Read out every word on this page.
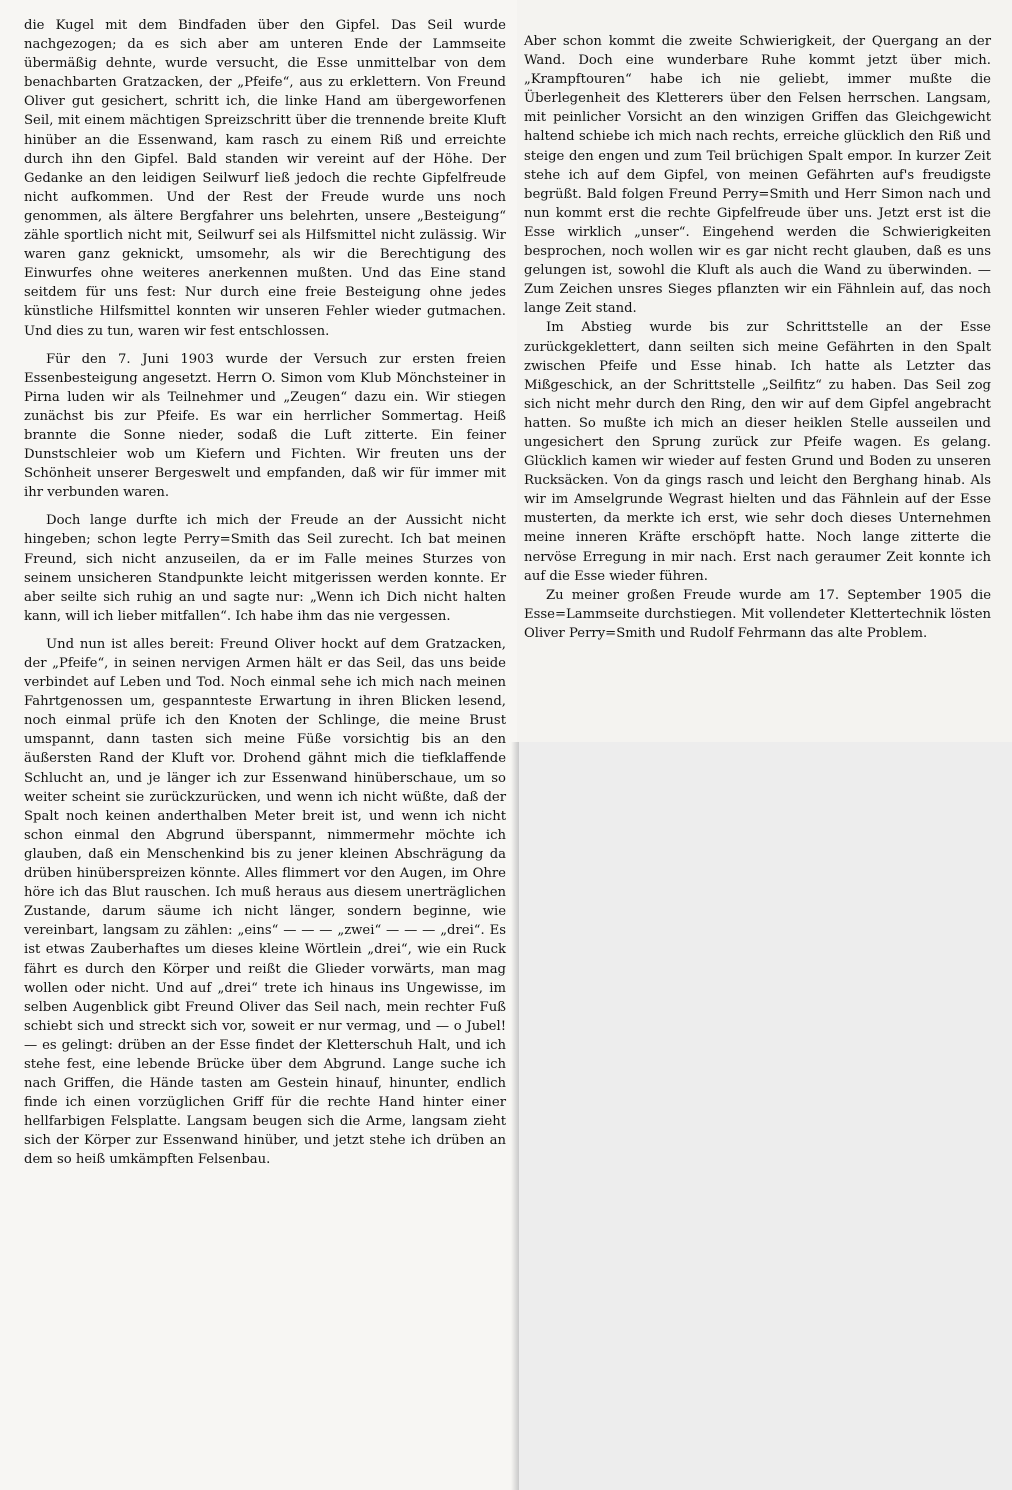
die Kugel mit dem Bindfaden über den Gipfel. Das Seil wurde nachgezogen; da es sich aber am unteren Ende der Lammseite übermäßig dehnte, wurde versucht, die Esse unmittelbar von dem benachbarten Gratzacken, der „Pfeife“, aus zu erklettern. Von Freund Oliver gut gesichert, schritt ich, die linke Hand am übergeworfenen Seil, mit einem mächtigen Spreizschritt über die trennende breite Kluft hinüber an die Essenwand, kam rasch zu einem Riß und erreichte durch ihn den Gipfel. Bald standen wir vereint auf der Höhe. Der Gedanke an den leidigen Seilwurf ließ jedoch die rechte Gipfelfreude nicht aufkommen. Und der Rest der Freude wurde uns noch genommen, als ältere Bergfahrer uns belehrten, unsere „Besteigung“ zähle sportlich nicht mit, Seilwurf sei als Hilfsmittel nicht zulässig. Wir waren ganz geknickt, umsomehr, als wir die Berechtigung des Einwurfes ohne weiteres anerkennen mußten. Und das Eine stand seitdem für uns fest: Nur durch eine freie Besteigung ohne jedes künstliche Hilfsmittel konnten wir unseren Fehler wieder gutmachen. Und dies zu tun, waren wir fest entschlossen.

Für den 7. Juni 1903 wurde der Versuch zur ersten freien Essenbesteigung angesetzt. Herrn O. Simon vom Klub Mönchsteiner in Pirna luden wir als Teilnehmer und „Zeugen“ dazu ein. Wir stiegen zunächst bis zur Pfeife. Es war ein herrlicher Sommertag. Heiß brannte die Sonne nieder, sodaß die Luft zitterte. Ein feiner Dunstschleier wob um Kiefern und Fichten. Wir freuten uns der Schönheit unserer Bergeswelt und empfanden, daß wir für immer mit ihr verbunden waren.

Doch lange durfte ich mich der Freude an der Aussicht nicht hingeben; schon legte Perry=Smith das Seil zurecht. Ich bat meinen Freund, sich nicht anzuseilen, da er im Falle meines Sturzes von seinem unsicheren Standpunkte leicht mitgerissen werden konnte. Er aber seilte sich ruhig an und sagte nur: „Wenn ich Dich nicht halten kann, will ich lieber mitfallen“. Ich habe ihm das nie vergessen.

Und nun ist alles bereit: Freund Oliver hockt auf dem Gratzacken, der „Pfeife“, in seinen nervigen Armen hält er das Seil, das uns beide verbindet auf Leben und Tod. Noch einmal sehe ich mich nach meinen Fahrtgenossen um, gespannteste Erwartung in ihren Blicken lesend, noch einmal prüfe ich den Knoten der Schlinge, die meine Brust umspannt, dann tasten sich meine Füße vorsichtig bis an den äußersten Rand der Kluft vor. Drohend gähnt mich die tiefklaffende Schlucht an, und je länger ich zur Essenwand hinüberschaue, um so weiter scheint sie zurückzurücken, und wenn ich nicht wüßte, daß der Spalt noch keinen anderthalben Meter breit ist, und wenn ich nicht schon einmal den Abgrund überspannt, nimmermehr möchte ich glauben, daß ein Menschenkind bis zu jener kleinen Abschrägung da drüben hinüberspreizen könnte. Alles flimmert vor den Augen, im Ohre höre ich das Blut rauschen. Ich muß heraus aus diesem unerträglichen Zustande, darum säume ich nicht länger, sondern beginne, wie vereinbart, langsam zu zählen: „eins“ — — — „zwei“ — — — „drei“. Es ist etwas Zauberhaftes um dieses kleine Wörtlein „drei“, wie ein Ruck fährt es durch den Körper und reißt die Glieder vorwärts, man mag wollen oder nicht. Und auf „drei“ trete ich hinaus ins Ungewisse, im selben Augenblick gibt Freund Oliver das Seil nach, mein rechter Fuß schiebt sich und streckt sich vor, soweit er nur vermag, und — o Jubel! — es gelingt: drüben an der Esse findet der Kletterschuh Halt, und ich stehe fest, eine lebende Brücke über dem Abgrund. Lange suche ich nach Griffen, die Hände tasten am Gestein hinauf, hinunter, endlich finde ich einen vorzüglichen Griff für die rechte Hand hinter einer hellfarbigen Felsplatte. Langsam beugen sich die Arme, langsam zieht sich der Körper zur Essenwand hinüber, und jetzt stehe ich drüben an dem so heiß umkämpften Felsenbau.

Aber schon kommt die zweite Schwierigkeit, der Quergang an der Wand. Doch eine wunderbare Ruhe kommt jetzt über mich. „Krampftouren“ habe ich nie geliebt, immer mußte die Überlegenheit des Kletterers über den Felsen herrschen. Langsam, mit peinlicher Vorsicht an den winzigen Griffen das Gleichgewicht haltend schiebe ich mich nach rechts, erreiche glücklich den Riß und steige den engen und zum Teil brüchigen Spalt empor. In kurzer Zeit stehe ich auf dem Gipfel, von meinen Gefährten auf's freudigste begrüßt. Bald folgen Freund Perry=Smith und Herr Simon nach und nun kommt erst die rechte Gipfelfreude über uns. Jetzt erst ist die Esse wirklich „unser“. Eingehend werden die Schwierigkeiten besprochen, noch wollen wir es gar nicht recht glauben, daß es uns gelungen ist, sowohl die Kluft als auch die Wand zu überwinden. — Zum Zeichen unsres Sieges pflanzten wir ein Fähnlein auf, das noch lange Zeit stand.

Im Abstieg wurde bis zur Schrittstelle an der Esse zurückgeklettert, dann seilten sich meine Gefährten in den Spalt zwischen Pfeife und Esse hinab. Ich hatte als Letzter das Mißgeschick, an der Schrittstelle „Seilfitz“ zu haben. Das Seil zog sich nicht mehr durch den Ring, den wir auf dem Gipfel angebracht hatten. So mußte ich mich an dieser heiklen Stelle ausseilen und ungesichert den Sprung zurück zur Pfeife wagen. Es gelang. Glücklich kamen wir wieder auf festen Grund und Boden zu unseren Rucksäcken. Von da gings rasch und leicht den Berghang hinab. Als wir im Amselgrunde Wegrast hielten und das Fähnlein auf der Esse musterten, da merkte ich erst, wie sehr doch dieses Unternehmen meine inneren Kräfte erschöpft hatte. Noch lange zitterte die nervöse Erregung in mir nach. Erst nach geraumer Zeit konnte ich auf die Esse wieder führen.

Zu meiner großen Freude wurde am 17. September 1905 die Esse=Lammseite durchstiegen. Mit vollendeter Klettertechnik lösten Oliver Perry=Smith und Rudolf Fehrmann das alte Problem.
